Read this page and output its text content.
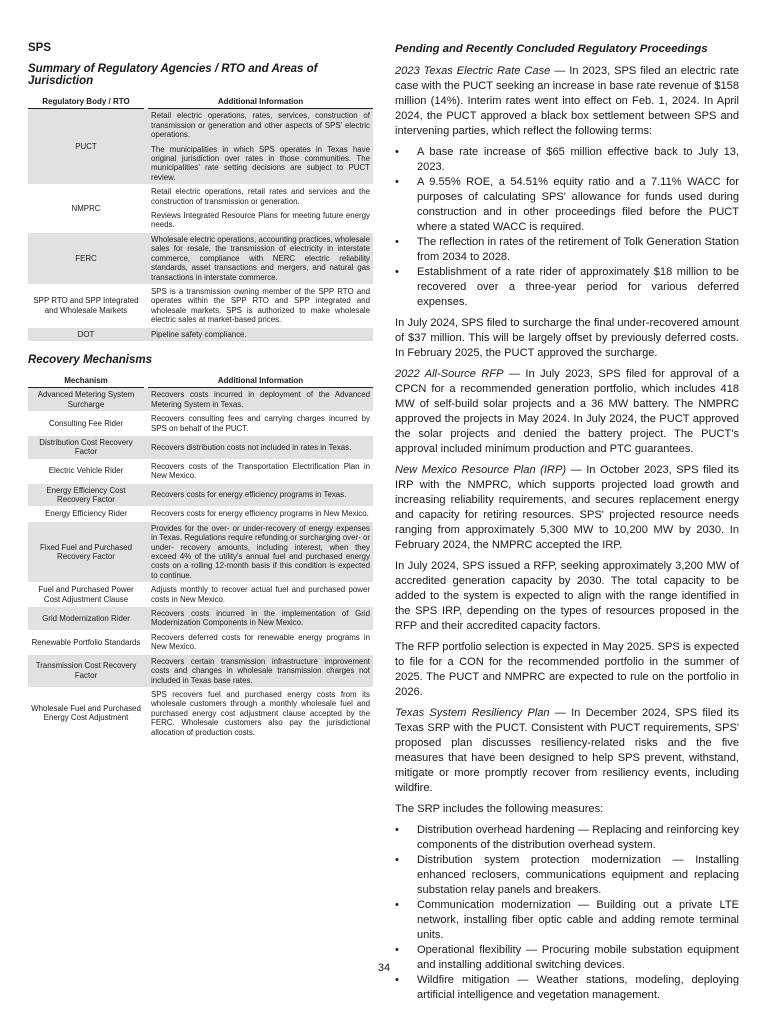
SPS
Summary of Regulatory Agencies / RTO and Areas of Jurisdiction
Regulatory Body / RTO		Additional Information
PUCT		Retail electric operations, rates, services, construction of transmission or generation and other aspects of SPS' electric operations.

The municipalities in which SPS operates in Texas have original jurisdiction over rates in those communities. The municipalities' rate setting decisions are subject to PUCT review.

NMPRC		Retail electric operations, retail rates and services and the construction of transmission or generation.

Reviews Integrated Resource Plans for meeting future energy needs.

FERC		Wholesale electric operations, accounting practices, wholesale sales for resale, the transmission of electricity in interstate commerce, compliance with NERC electric reliability standards, asset transactions and mergers, and natural gas transactions in interstate commerce.

SPP RTO and SPP Integrated and Wholesale Markets		SPS is a transmission owning member of the SPP RTO and operates within the SPP RTO and SPP integrated and wholesale markets. SPS is authorized to make wholesale electric sales at market-based prices.

DOT		Pipeline safety compliance.

Recovery Mechanisms
Mechanism		Additional Information
Advanced Metering System Surcharge		Recovers costs incurred in deployment of the Advanced Metering System in Texas.
Consulting Fee Rider		Recovers consulting fees and carrying charges incurred by SPS on behalf of the PUCT.
Distribution Cost Recovery Factor		Recovers distribution costs not included in rates in Texas.
Electric Vehicle Rider		Recovers costs of the Transportation Electrification Plan in New Mexico.
Energy Efficiency Cost Recovery Factor		Recovers costs for energy efficiency programs in Texas.
Energy Efficiency Rider		Recovers costs for energy efficiency programs in New Mexico.
Fixed Fuel and Purchased Recovery Factor		Provides for the over- or under-recovery of energy expenses in Texas. Regulations require refunding or surcharging over- or under- recovery amounts, including interest, when they exceed 4% of the utility's annual fuel and purchased energy costs on a rolling 12-month basis if this condition is expected to continue.
Fuel and Purchased Power Cost Adjustment Clause		Adjusts monthly to recover actual fuel and purchased power costs in New Mexico.
Grid Modernization Rider		Recovers costs incurred in the implementation of Grid Modernization Components in New Mexico.
Renewable Portfolio Standards		Recovers deferred costs for renewable energy programs in New Mexico.
Transmission Cost Recovery Factor		Recovers certain transmission infrastructure improvement costs and changes in wholesale transmission charges not included in Texas base rates.
Wholesale Fuel and Purchased Energy Cost Adjustment		SPS recovers fuel and purchased energy costs from its wholesale customers through a monthly wholesale fuel and purchased energy cost adjustment clause accepted by the FERC. Wholesale customers also pay the jurisdictional allocation of production costs.
Pending and Recently Concluded Regulatory Proceedings

2023 Texas Electric Rate Case — In 2023, SPS filed an electric rate case with the PUCT seeking an increase in base rate revenue of $158 million (14%). Interim rates went into effect on Feb. 1, 2024. In April 2024, the PUCT approved a black box settlement between SPS and intervening parties, which reflect the following terms:

• A base rate increase of $65 million effective back to July 13, 2023.
• A 9.55% ROE, a 54.51% equity ratio and a 7.11% WACC for purposes of calculating SPS' allowance for funds used during construction and in other proceedings filed before the PUCT where a stated WACC is required.
• The reflection in rates of the retirement of Tolk Generation Station from 2034 to 2028.
• Establishment of a rate rider of approximately $18 million to be recovered over a three-year period for various deferred expenses.

In July 2024, SPS filed to surcharge the final under-recovered amount of $37 million. This will be largely offset by previously deferred costs. In February 2025, the PUCT approved the surcharge.

2022 All-Source RFP — In July 2023, SPS filed for approval of a CPCN for a recommended generation portfolio, which includes 418 MW of self-build solar projects and a 36 MW battery. The NMPRC approved the projects in May 2024. In July 2024, the PUCT approved the solar projects and denied the battery project. The PUCT's approval included minimum production and PTC guarantees.

New Mexico Resource Plan (IRP) — In October 2023, SPS filed its IRP with the NMPRC, which supports projected load growth and increasing reliability requirements, and secures replacement energy and capacity for retiring resources. SPS' projected resource needs ranging from approximately 5,300 MW to 10,200 MW by 2030. In February 2024, the NMPRC accepted the IRP.

In July 2024, SPS issued a RFP, seeking approximately 3,200 MW of accredited generation capacity by 2030. The total capacity to be added to the system is expected to align with the range identified in the SPS IRP, depending on the types of resources proposed in the RFP and their accredited capacity factors.

The RFP portfolio selection is expected in May 2025. SPS is expected to file for a CON for the recommended portfolio in the summer of 2025. The PUCT and NMPRC are expected to rule on the portfolio in 2026.

Texas System Resiliency Plan — In December 2024, SPS filed its Texas SRP with the PUCT. Consistent with PUCT requirements, SPS' proposed plan discusses resiliency-related risks and the five measures that have been designed to help SPS prevent, withstand, mitigate or more promptly recover from resiliency events, including wildfire.

The SRP includes the following measures:

• Distribution overhead hardening — Replacing and reinforcing key components of the distribution overhead system.
• Distribution system protection modernization — Installing enhanced reclosers, communications equipment and replacing substation relay panels and breakers.
• Communication modernization — Building out a private LTE network, installing fiber optic cable and adding remote terminal units.
• Operational flexibility — Procuring mobile substation equipment and installing additional switching devices.
• Wildfire mitigation — Weather stations, modeling, deploying artificial intelligence and vegetation management.
34
